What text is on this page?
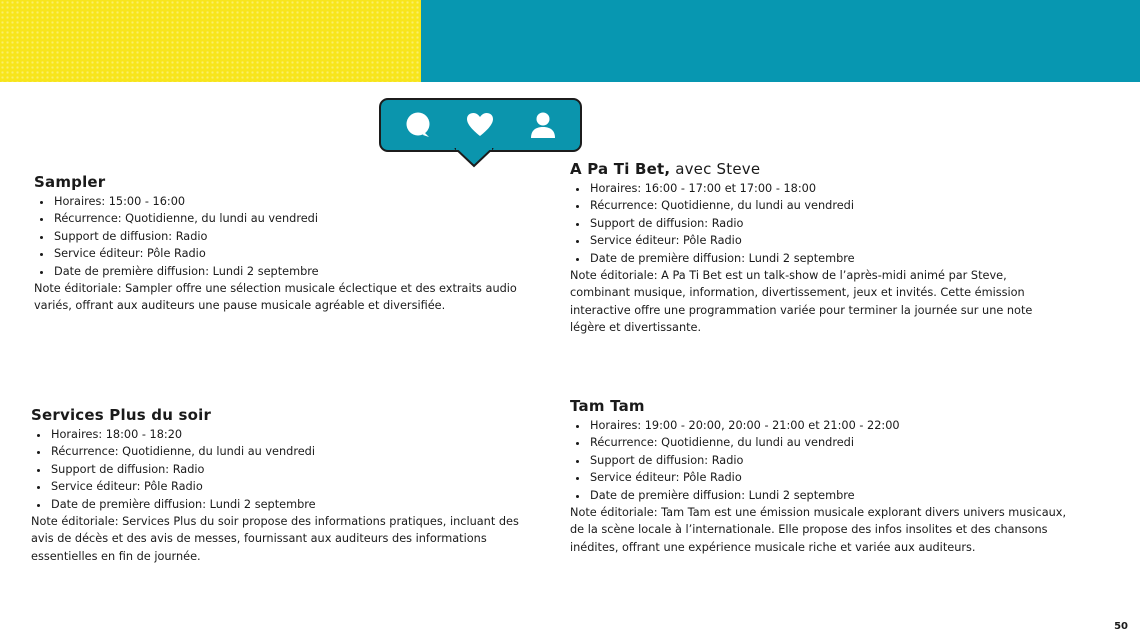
Sampler
• Horaires: 15:00 - 16:00
• Récurrence: Quotidienne, du lundi au vendredi
• Support de diffusion: Radio
• Service éditeur: Pôle Radio
• Date de première diffusion: Lundi 2 septembre

Note éditoriale: Sampler offre une sélection musicale éclectique et des extraits audio variés, offrant aux auditeurs une pause musicale agréable et diversifiée.

A Pa Ti Bet, avec Steve
• Horaires: 16:00 - 17:00 et 17:00 - 18:00
• Récurrence: Quotidienne, du lundi au vendredi
• Support de diffusion: Radio
• Service éditeur: Pôle Radio
• Date de première diffusion: Lundi 2 septembre

Note éditoriale: A Pa Ti Bet est un talk-show de l’après-midi animé par Steve, combinant musique, information, divertissement, jeux et invités. Cette émission interactive offre une programmation variée pour terminer la journée sur une note légère et divertissante.

Services Plus du soir
• Horaires: 18:00 - 18:20
• Récurrence: Quotidienne, du lundi au vendredi
• Support de diffusion: Radio
• Service éditeur: Pôle Radio
• Date de première diffusion: Lundi 2 septembre

Note éditoriale: Services Plus du soir propose des informations pratiques, incluant des avis de décès et des avis de messes, fournissant aux auditeurs des informations essentielles en fin de journée.

Tam Tam
• Horaires: 19:00 - 20:00, 20:00 - 21:00 et 21:00 - 22:00
• Récurrence: Quotidienne, du lundi au vendredi
• Support de diffusion: Radio
• Service éditeur: Pôle Radio
• Date de première diffusion: Lundi 2 septembre

Note éditoriale: Tam Tam est une émission musicale explorant divers univers musicaux, de la scène locale à l’internationale. Elle propose des infos insolites et des chansons inédites, offrant une expérience musicale riche et variée aux auditeurs.

50
